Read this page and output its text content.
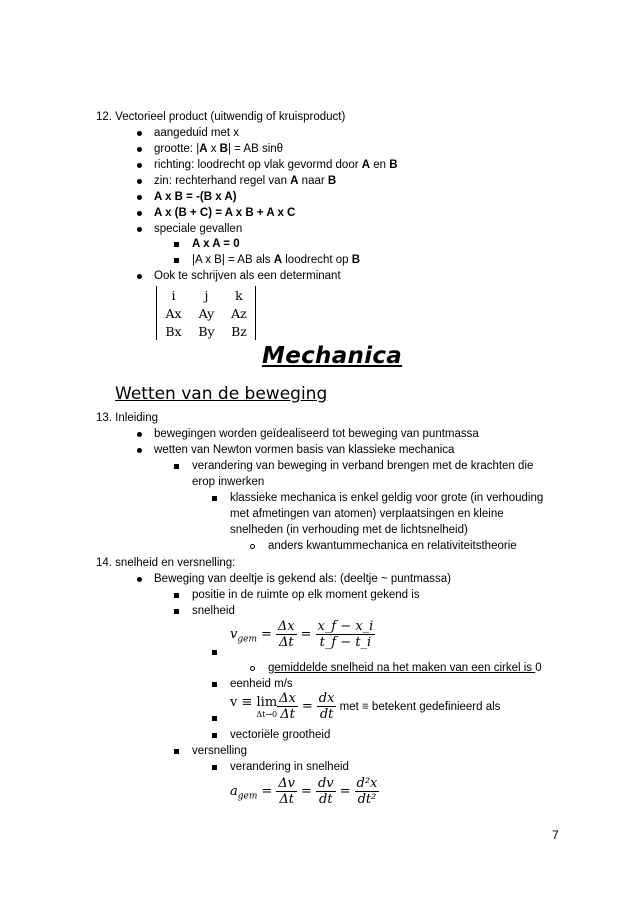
12. Vectorieel product (uitwendig of kruisproduct)
aangeduid met x
grootte: |A x B| = AB sinθ
richting: loodrecht op vlak gevormd door A en B
zin: rechterhand regel van A naar B
A x B = -(B x A)
A x (B + C) = A x B + A x C
speciale gevallen
A x A = 0
|A x B| = AB als A loodrecht op B
Ook te schrijven als een determinant
i	j	k
Ax	Ay	Az
Bx	By	Bz
Mechanica
Wetten van de beweging
13. Inleiding
bewegingen worden geïdealiseerd tot beweging van puntmassa
wetten van Newton vormen basis van klassieke mechanica
verandering van beweging in verband brengen met de krachten die
erop inwerken
klassieke mechanica is enkel geldig voor grote (in verhouding
met afmetingen van atomen) verplaatsingen en kleine
snelheden (in verhouding met de lichtsnelheid)
anders kwantummechanica en relativiteitstheorie
14. snelheid en versnelling:
Beweging van deeltje is gekend als: (deeltje ~ puntmassa)
positie in de ruimte op elk moment gekend is
snelheid
$v_{gem} = \frac{\Delta x}{\Delta t} = \frac{x\_f - x\_i}{t\_f - t\_i}$
gemiddelde snelheid na het maken van een cirkel is 0
eenheid m/s
v ≡ lim
$\Delta t\to 0 \frac{\Delta x}{\Delta t} = \frac{dx}{dt}$ met ≡ betekent gedefinieerd als
vectoriële grootheid
versnelling
verandering in snelheid
$a_{gem} = \frac{\Delta v}{\Delta t} = \frac{dv}{dt} = \frac{\text{d²x}}{\text{dt²}}$
7
